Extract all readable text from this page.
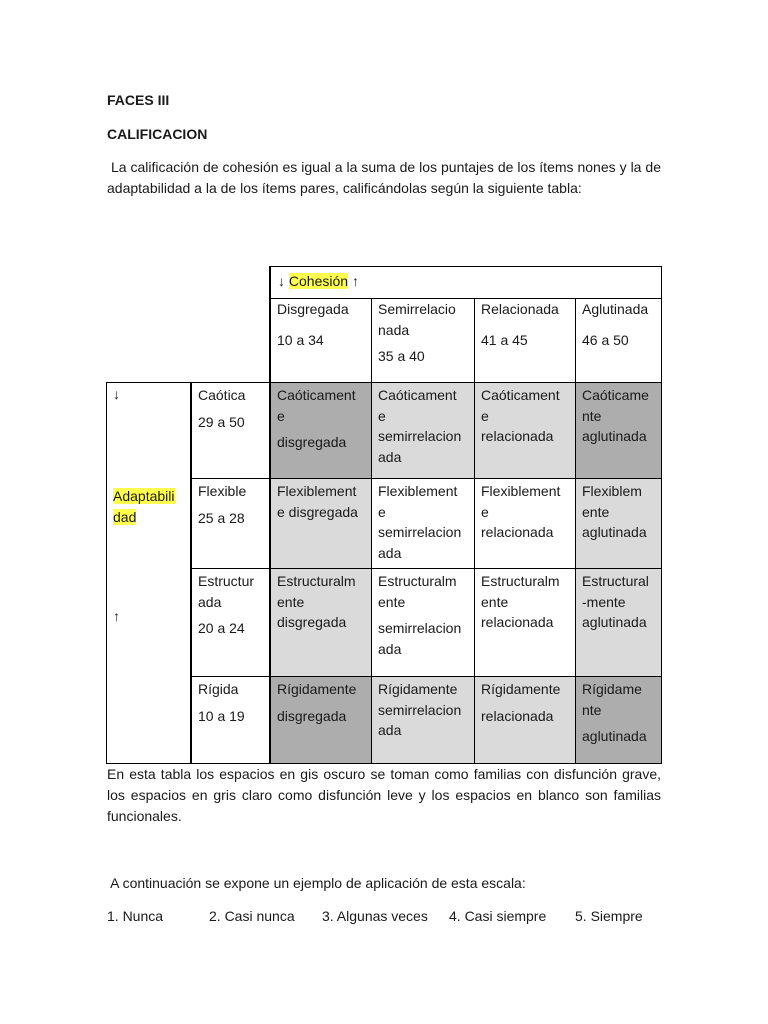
FACES III
CALIFICACION
La calificación de cohesión es igual a la suma de los puntajes de los ítems nones y la de adaptabilidad a la de los ítems pares, calificándolas según la siguiente tabla:
Caóticament
e
disgregada
Caóticament
e
semirrelacion
ada
Caóticament
e
relacionada
Caóticame
nte
aglutinada
Flexiblement
e disgregada
Flexiblement
e
semirrelacion
ada
Flexiblement
e
relacionada
Flexiblem
ente
aglutinada
Estructuralm
ente
disgregada
Estructuralm
ente
semirrelacion
ada
Estructuralm
ente
relacionada
Estructural
-mente
aglutinada
Rígidamente
disgregada
Rígidamente
semirrelacion
ada
Rígidamente
relacionada
Rígidame
nte
aglutinada
↓ Cohesión ↑
Disgregada
10 a 34
Semirrelacio
nada
35 a 40
Relacionada
41 a 45
Aglutinada
46 a 50
Caótica
29 a 50
Flexible
25 a 28
Estructur
ada
20 a 24
Rígida
10 a 19
↓
Adaptabili
dad
↑
En esta tabla los espacios en gis oscuro se toman como familias con disfunción grave, los espacios en gris claro como disfunción leve y los espacios en blanco son familias funcionales.
A continuación se expone un ejemplo de aplicación de esta escala:
1. Nunca	2. Casi nunca 3. Algunas veces 4. Casi siempre 5. Siempre
